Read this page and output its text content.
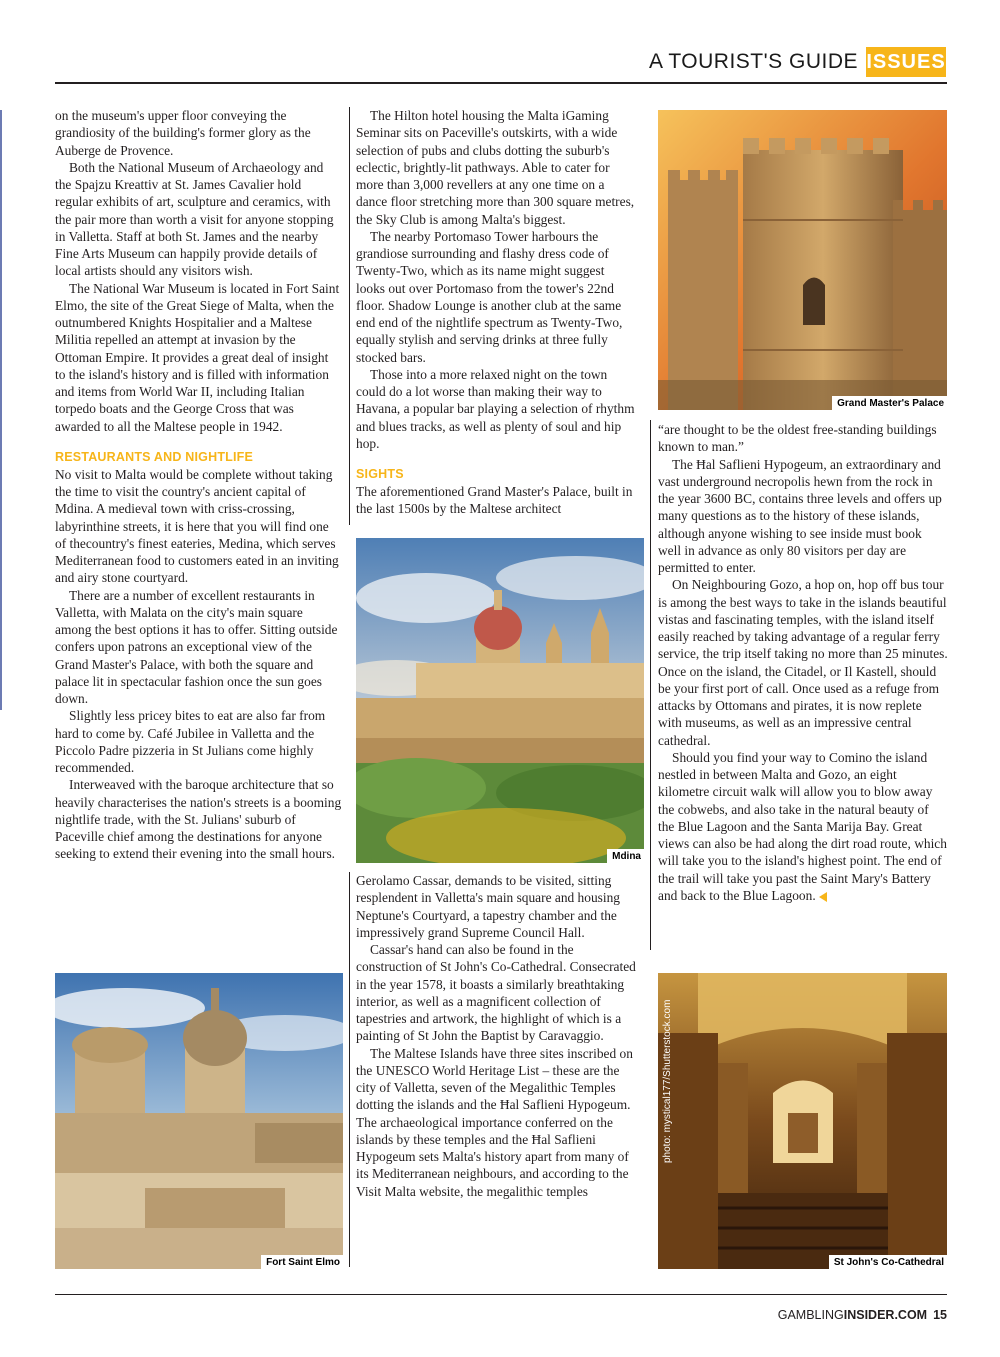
A TOURIST'S GUIDE ISSUES

on the museum's upper floor conveying the grandiosity of the building's former glory as the Auberge de Provence.

Both the National Museum of Archaeology and the Spajzu Kreattiv at St. James Cavalier hold regular exhibits of art, sculpture and ceramics, with the pair more than worth a visit for anyone stopping in Valletta. Staff at both St. James and the nearby Fine Arts Museum can happily provide details of local artists should any visitors wish.

The National War Museum is located in Fort Saint Elmo, the site of the Great Siege of Malta, when the outnumbered Knights Hospitalier and a Maltese Militia repelled an attempt at invasion by the Ottoman Empire. It provides a great deal of insight to the island's history and is filled with information and items from World War II, including Italian torpedo boats and the George Cross that was awarded to all the Maltese people in 1942.

RESTAURANTS AND NIGHTLIFE

No visit to Malta would be complete without taking the time to visit the country's ancient capital of Mdina. A medieval town with criss-crossing, labyrinthine streets, it is here that you will find one of thecountry's finest eateries, Medina, which serves Mediterranean food to customers eated in an inviting and airy stone courtyard.

There are a number of excellent restaurants in Valletta, with Malata on the city's main square among the best options it has to offer. Sitting outside confers upon patrons an exceptional view of the Grand Master's Palace, with both the square and palace lit in spectacular fashion once the sun goes down.

Slightly less pricey bites to eat are also far from hard to come by. Café Jubilee in Valletta and the Piccolo Padre pizzeria in St Julians come highly recommended.

Interweaved with the baroque architecture that so heavily characterises the nation's streets is a booming nightlife trade, with the St. Julians' suburb of Paceville chief among the destinations for anyone seeking to extend their evening into the small hours.

The Hilton hotel housing the Malta iGaming Seminar sits on Paceville's outskirts, with a wide selection of pubs and clubs dotting the suburb's eclectic, brightly-lit pathways. Able to cater for more than 3,000 revellers at any one time on a dance floor stretching more than 300 square metres, the Sky Club is among Malta's biggest.

The nearby Portomaso Tower harbours the grandiose surrounding and flashy dress code of Twenty-Two, which as its name might suggest looks out over Portomaso from the tower's 22nd floor. Shadow Lounge is another club at the same end end of the nightlife spectrum as Twenty-Two, equally stylish and serving drinks at three fully stocked bars.

Those into a more relaxed night on the town could do a lot worse than making their way to Havana, a popular bar playing a selection of rhythm and blues tracks, as well as plenty of soul and hip hop.

SIGHTS

The aforementioned Grand Master's Palace, built in the last 1500s by the Maltese architect

Gerolamo Cassar, demands to be visited, sitting resplendent in Valletta's main square and housing Neptune's Courtyard, a tapestry chamber and the impressively grand Supreme Council Hall.

Cassar's hand can also be found in the construction of St John's Co-Cathedral. Consecrated in the year 1578, it boasts a similarly breathtaking interior, as well as a magnificent collection of tapestries and artwork, the highlight of which is a painting of St John the Baptist by Caravaggio.

The Maltese Islands have three sites inscribed on the UNESCO World Heritage List – these are the city of Valletta, seven of the Megalithic Temples dotting the islands and the Ħal Saflieni Hypogeum. The archaeological importance conferred on the islands by these temples and the Ħal Saflieni Hypogeum sets Malta's history apart from many of its Mediterranean neighbours, and according to the Visit Malta website, the megalithic temples

“are thought to be the oldest free-standing buildings known to man.”

The Ħal Saflieni Hypogeum, an extraordinary and vast underground necropolis hewn from the rock in the year 3600 BC, contains three levels and offers up many questions as to the history of these islands, although anyone wishing to see inside must book well in advance as only 80 visitors per day are permitted to enter.

On Neighbouring Gozo, a hop on, hop off bus tour is among the best ways to take in the islands beautiful vistas and fascinating temples, with the island itself easily reached by taking advantage of a regular ferry service, the trip itself taking no more than 25 minutes. Once on the island, the Citadel, or Il Kastell, should be your first port of call. Once used as a refuge from attacks by Ottomans and pirates, it is now replete with museums, as well as an impressive central cathedral.

Should you find your way to Comino the island nestled in between Malta and Gozo, an eight kilometre circuit walk will allow you to blow away the cobwebs, and also take in the natural beauty of the Blue Lagoon and the Santa Marija Bay. Great views can also be had along the dirt road route, which will take you to the island's highest point. The end of the trail will take you past the Saint Mary's Battery and back to the Blue Lagoon.

Grand Master's Palace
Mdina
Fort Saint Elmo	St John's Co-Cathedral
photo: mystical177/Shutterstock.com
GAMBLINGINSIDER.COM 15
